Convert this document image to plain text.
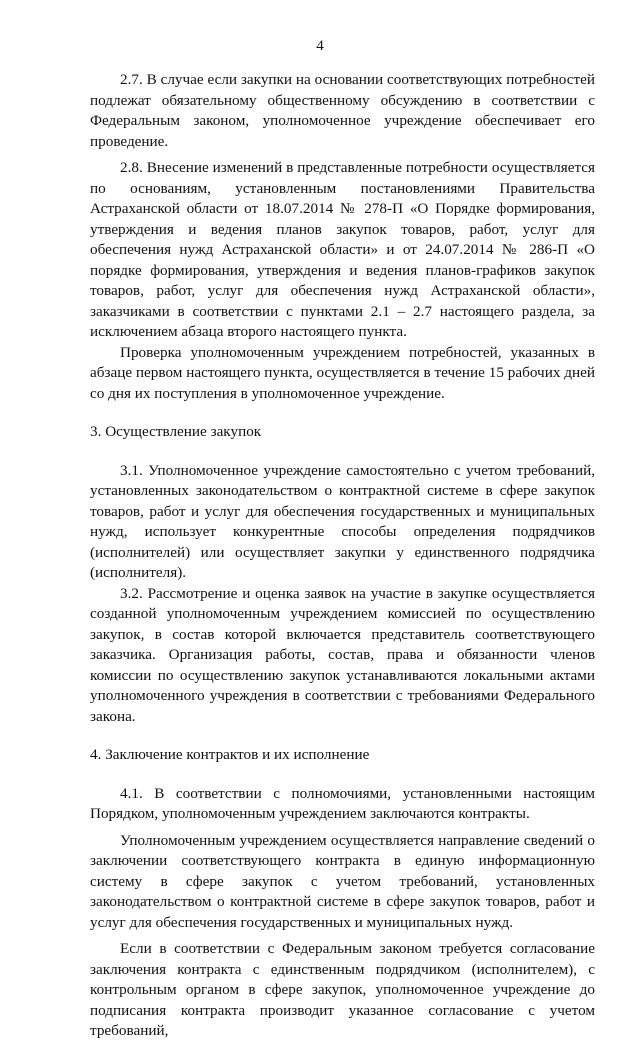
4

2.7. В случае если закупки на основании соответствующих потребностей подлежат обязательному общественному обсуждению в соответствии с Федеральным законом, уполномоченное учреждение обеспечивает его проведение.

2.8. Внесение изменений в представленные потребности осуществляется по основаниям, установленным постановлениями Правительства Астраханской области от 18.07.2014 № 278-П «О Порядке формирования, утверждения и ведения планов закупок товаров, работ, услуг для обеспечения нужд Астраханской области» и от 24.07.2014 № 286-П «О порядке формирования, утверждения и ведения планов-графиков закупок товаров, работ, услуг для обеспечения нужд Астраханской области», заказчиками в соответствии с пунктами 2.1 – 2.7 настоящего раздела, за исключением абзаца второго настоящего пункта.

Проверка уполномоченным учреждением потребностей, указанных в абзаце первом настоящего пункта, осуществляется в течение 15 рабочих дней со дня их поступления в уполномоченное учреждение.

3. Осуществление закупок

3.1. Уполномоченное учреждение самостоятельно с учетом требований, установленных законодательством о контрактной системе в сфере закупок товаров, работ и услуг для обеспечения государственных и муниципальных нужд, использует конкурентные способы определения подрядчиков (исполнителей) или осуществляет закупки у единственного подрядчика (исполнителя).

3.2. Рассмотрение и оценка заявок на участие в закупке осуществляется созданной уполномоченным учреждением комиссией по осуществлению закупок, в состав которой включается представитель соответствующего заказчика. Организация работы, состав, права и обязанности членов комиссии по осуществлению закупок устанавливаются локальными актами уполномоченного учреждения в соответствии с требованиями Федерального закона.

4. Заключение контрактов и их исполнение

4.1. В соответствии с полномочиями, установленными настоящим Порядком, уполномоченным учреждением заключаются контракты.

Уполномоченным учреждением осуществляется направление сведений о заключении соответствующего контракта в единую информационную систему в сфере закупок с учетом требований, установленных законодательством о контрактной системе в сфере закупок товаров, работ и услуг для обеспечения государственных и муниципальных нужд.

Если в соответствии с Федеральным законом требуется согласование заключения контракта с единственным подрядчиком (исполнителем), с контрольным органом в сфере закупок, уполномоченное учреждение до подписания контракта производит указанное согласование с учетом требований,
